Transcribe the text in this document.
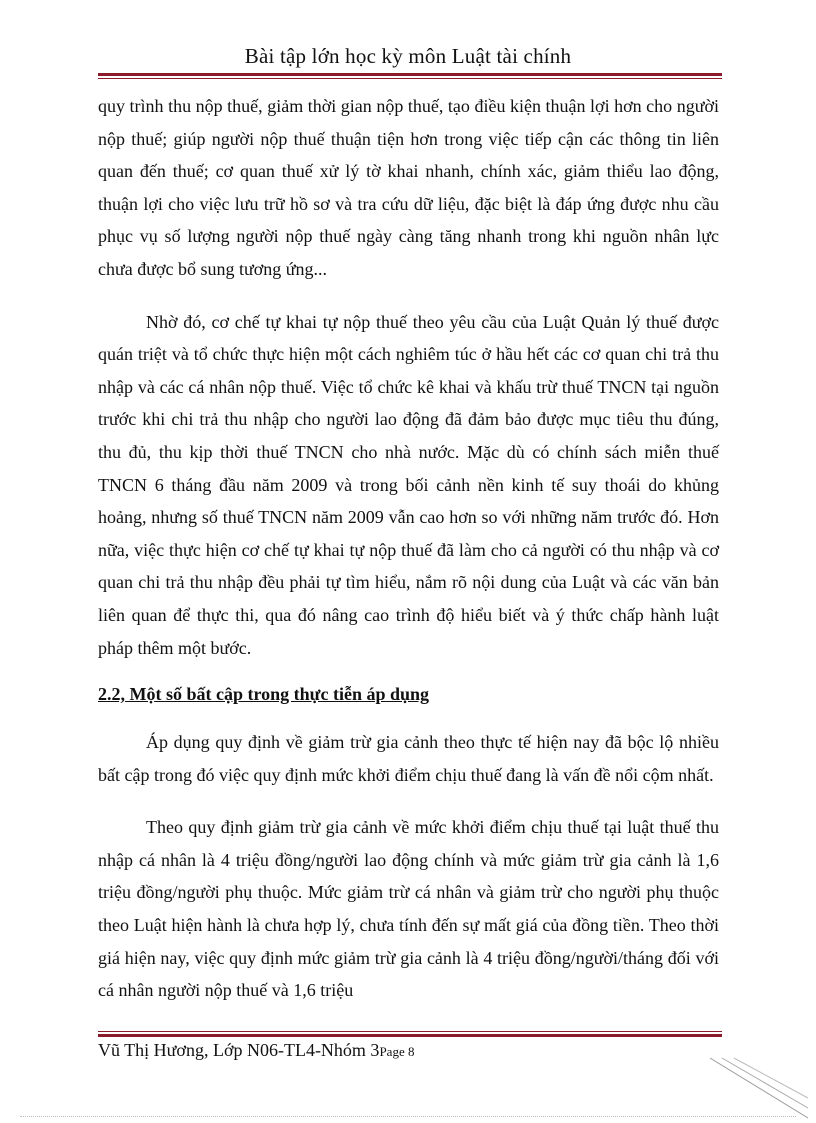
Bài tập lớn học kỳ môn Luật tài chính

quy trình thu nộp thuế, giảm thời gian nộp thuế, tạo điều kiện thuận lợi hơn cho người nộp thuế; giúp người nộp thuế thuận tiện hơn trong việc tiếp cận các thông tin liên quan đến thuế; cơ quan thuế xử lý tờ khai nhanh, chính xác, giảm thiểu lao động, thuận lợi cho việc lưu trữ hồ sơ và tra cứu dữ liệu, đặc biệt là đáp ứng được nhu cầu phục vụ số lượng người nộp thuế ngày càng tăng nhanh trong khi nguồn nhân lực chưa được bổ sung tương ứng...

Nhờ đó, cơ chế tự khai tự nộp thuế theo yêu cầu của Luật Quản lý thuế được quán triệt và tổ chức thực hiện một cách nghiêm túc ở hầu hết các cơ quan chi trả thu nhập và các cá nhân nộp thuế. Việc tổ chức kê khai và khấu trừ thuế TNCN tại nguồn trước khi chi trả thu nhập cho người lao động đã đảm bảo được mục tiêu thu đúng, thu đủ, thu kịp thời thuế TNCN cho nhà nước. Mặc dù có chính sách miễn thuế TNCN 6 tháng đầu năm 2009 và trong bối cảnh nền kinh tế suy thoái do khủng hoảng, nhưng số thuế TNCN năm 2009 vẫn cao hơn so với những năm trước đó. Hơn nữa, việc thực hiện cơ chế tự khai tự nộp thuế đã làm cho cả người có thu nhập và cơ quan chi trả thu nhập đều phải tự tìm hiểu, nắm rõ nội dung của Luật và các văn bản liên quan để thực thi, qua đó nâng cao trình độ hiểu biết và ý thức chấp hành luật pháp thêm một bước.

2.2, Một số bất cập trong thực tiễn áp dụng

Áp dụng quy định về giảm trừ gia cảnh theo thực tế hiện nay đã bộc lộ nhiều bất cập trong đó việc quy định mức khởi điểm chịu thuế đang là vấn đề nổi cộm nhất.

Theo quy định giảm trừ gia cảnh về mức khởi điểm chịu thuế tại luật thuế thu nhập cá nhân là 4 triệu đồng/người lao động chính và mức giảm trừ gia cảnh là 1,6 triệu đồng/người phụ thuộc. Mức giảm trừ cá nhân và giảm trừ cho người phụ thuộc theo Luật hiện hành là chưa hợp lý, chưa tính đến sự mất giá của đồng tiền. Theo thời giá hiện nay, việc quy định mức giảm trừ gia cảnh là 4 triệu đồng/người/tháng đối với cá nhân người nộp thuế và 1,6 triệu

Vũ Thị Hương, Lớp N06-TL4-Nhóm 3Page 8
